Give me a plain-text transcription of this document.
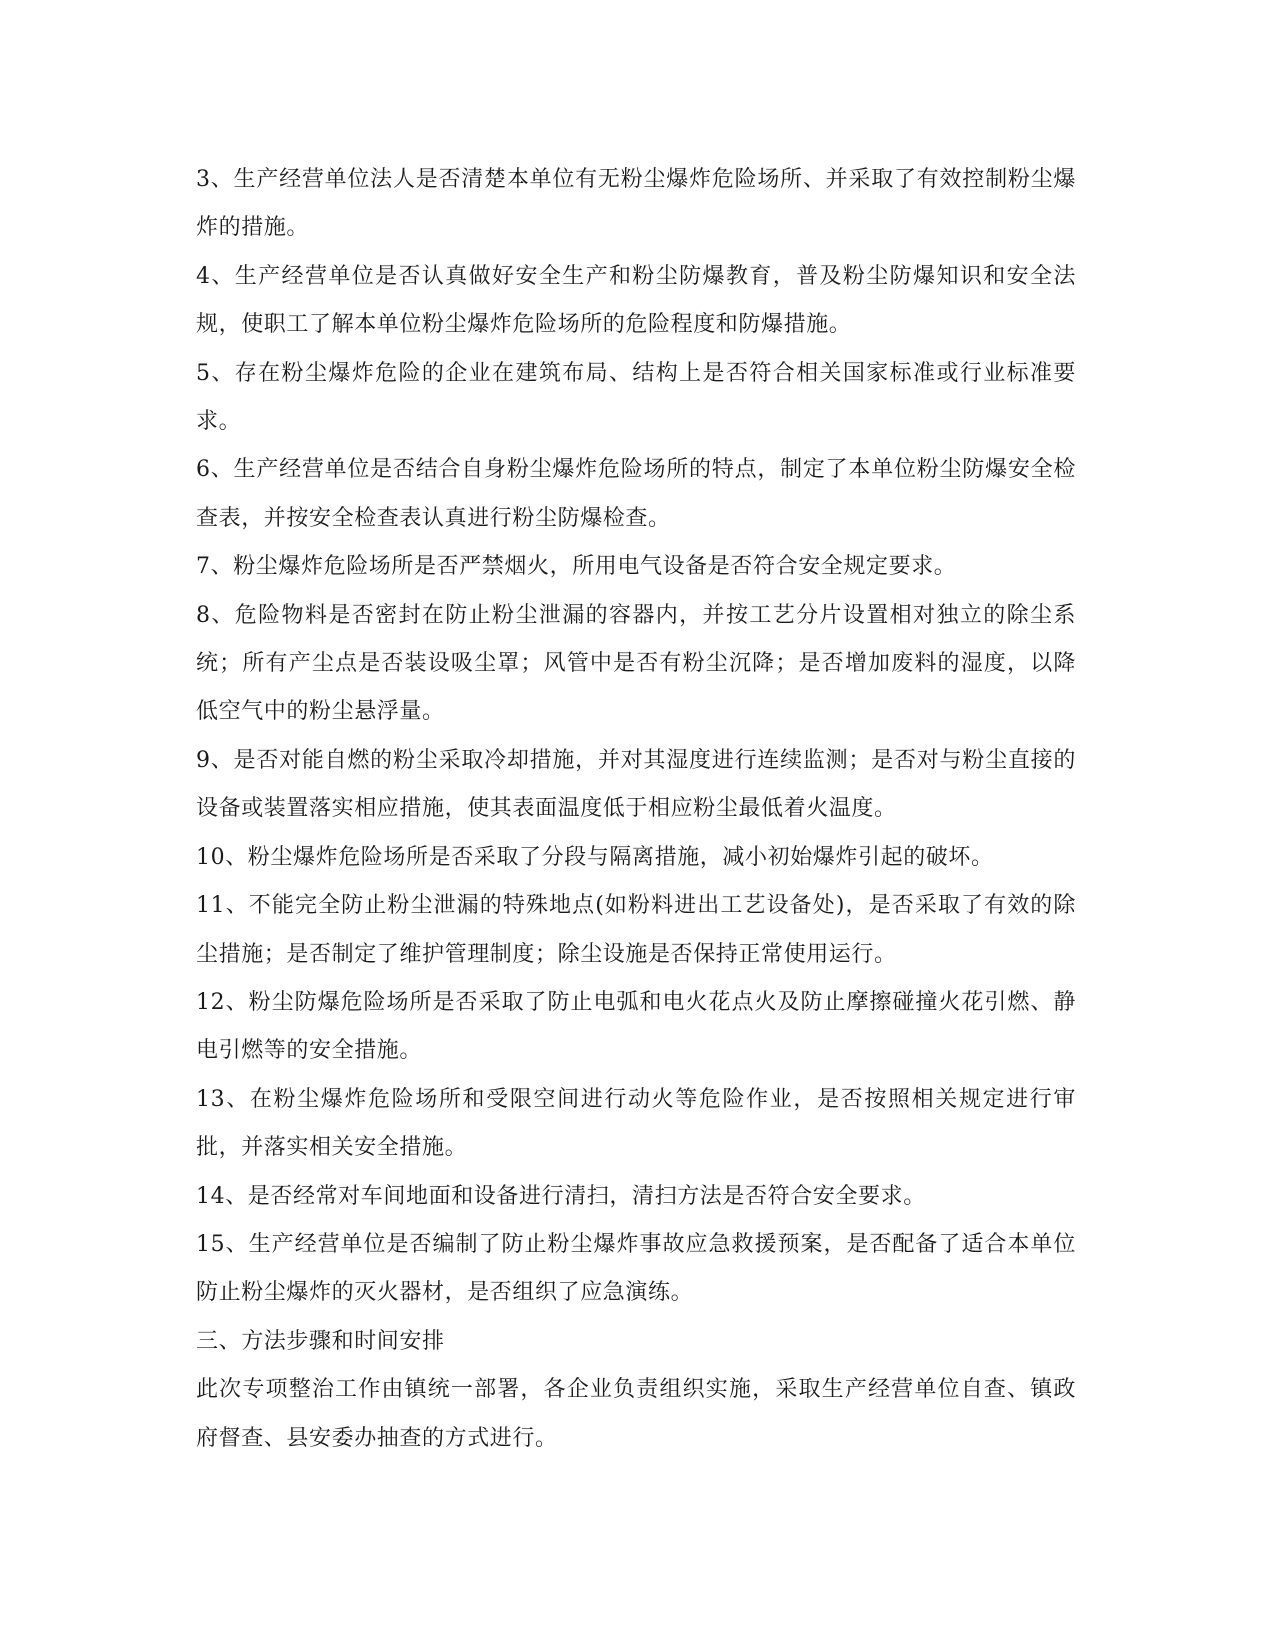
3、生产经营单位法人是否清楚本单位有无粉尘爆炸危险场所、并采取了有效控制粉尘爆炸的措施。

4、生产经营单位是否认真做好安全生产和粉尘防爆教育，普及粉尘防爆知识和安全法规，使职工了解本单位粉尘爆炸危险场所的危险程度和防爆措施。

5、存在粉尘爆炸危险的企业在建筑布局、结构上是否符合相关国家标准或行业标准要求。

6、生产经营单位是否结合自身粉尘爆炸危险场所的特点，制定了本单位粉尘防爆安全检查表，并按安全检查表认真进行粉尘防爆检查。

7、粉尘爆炸危险场所是否严禁烟火，所用电气设备是否符合安全规定要求。

8、危险物料是否密封在防止粉尘泄漏的容器内，并按工艺分片设置相对独立的除尘系统；所有产尘点是否装设吸尘罩；风管中是否有粉尘沉降；是否增加废料的湿度，以降低空气中的粉尘悬浮量。

9、是否对能自燃的粉尘采取冷却措施，并对其湿度进行连续监测；是否对与粉尘直接的设备或装置落实相应措施，使其表面温度低于相应粉尘最低着火温度。

10、粉尘爆炸危险场所是否采取了分段与隔离措施，减小初始爆炸引起的破坏。

11、不能完全防止粉尘泄漏的特殊地点(如粉料进出工艺设备处)，是否采取了有效的除尘措施；是否制定了维护管理制度；除尘设施是否保持正常使用运行。

12、粉尘防爆危险场所是否采取了防止电弧和电火花点火及防止摩擦碰撞火花引燃、静电引燃等的安全措施。

13、在粉尘爆炸危险场所和受限空间进行动火等危险作业，是否按照相关规定进行审批，并落实相关安全措施。

14、是否经常对车间地面和设备进行清扫，清扫方法是否符合安全要求。

15、生产经营单位是否编制了防止粉尘爆炸事故应急救援预案，是否配备了适合本单位防止粉尘爆炸的灭火器材，是否组织了应急演练。

三、方法步骤和时间安排

此次专项整治工作由镇统一部署，各企业负责组织实施，采取生产经营单位自查、镇政府督查、县安委办抽查的方式进行。
